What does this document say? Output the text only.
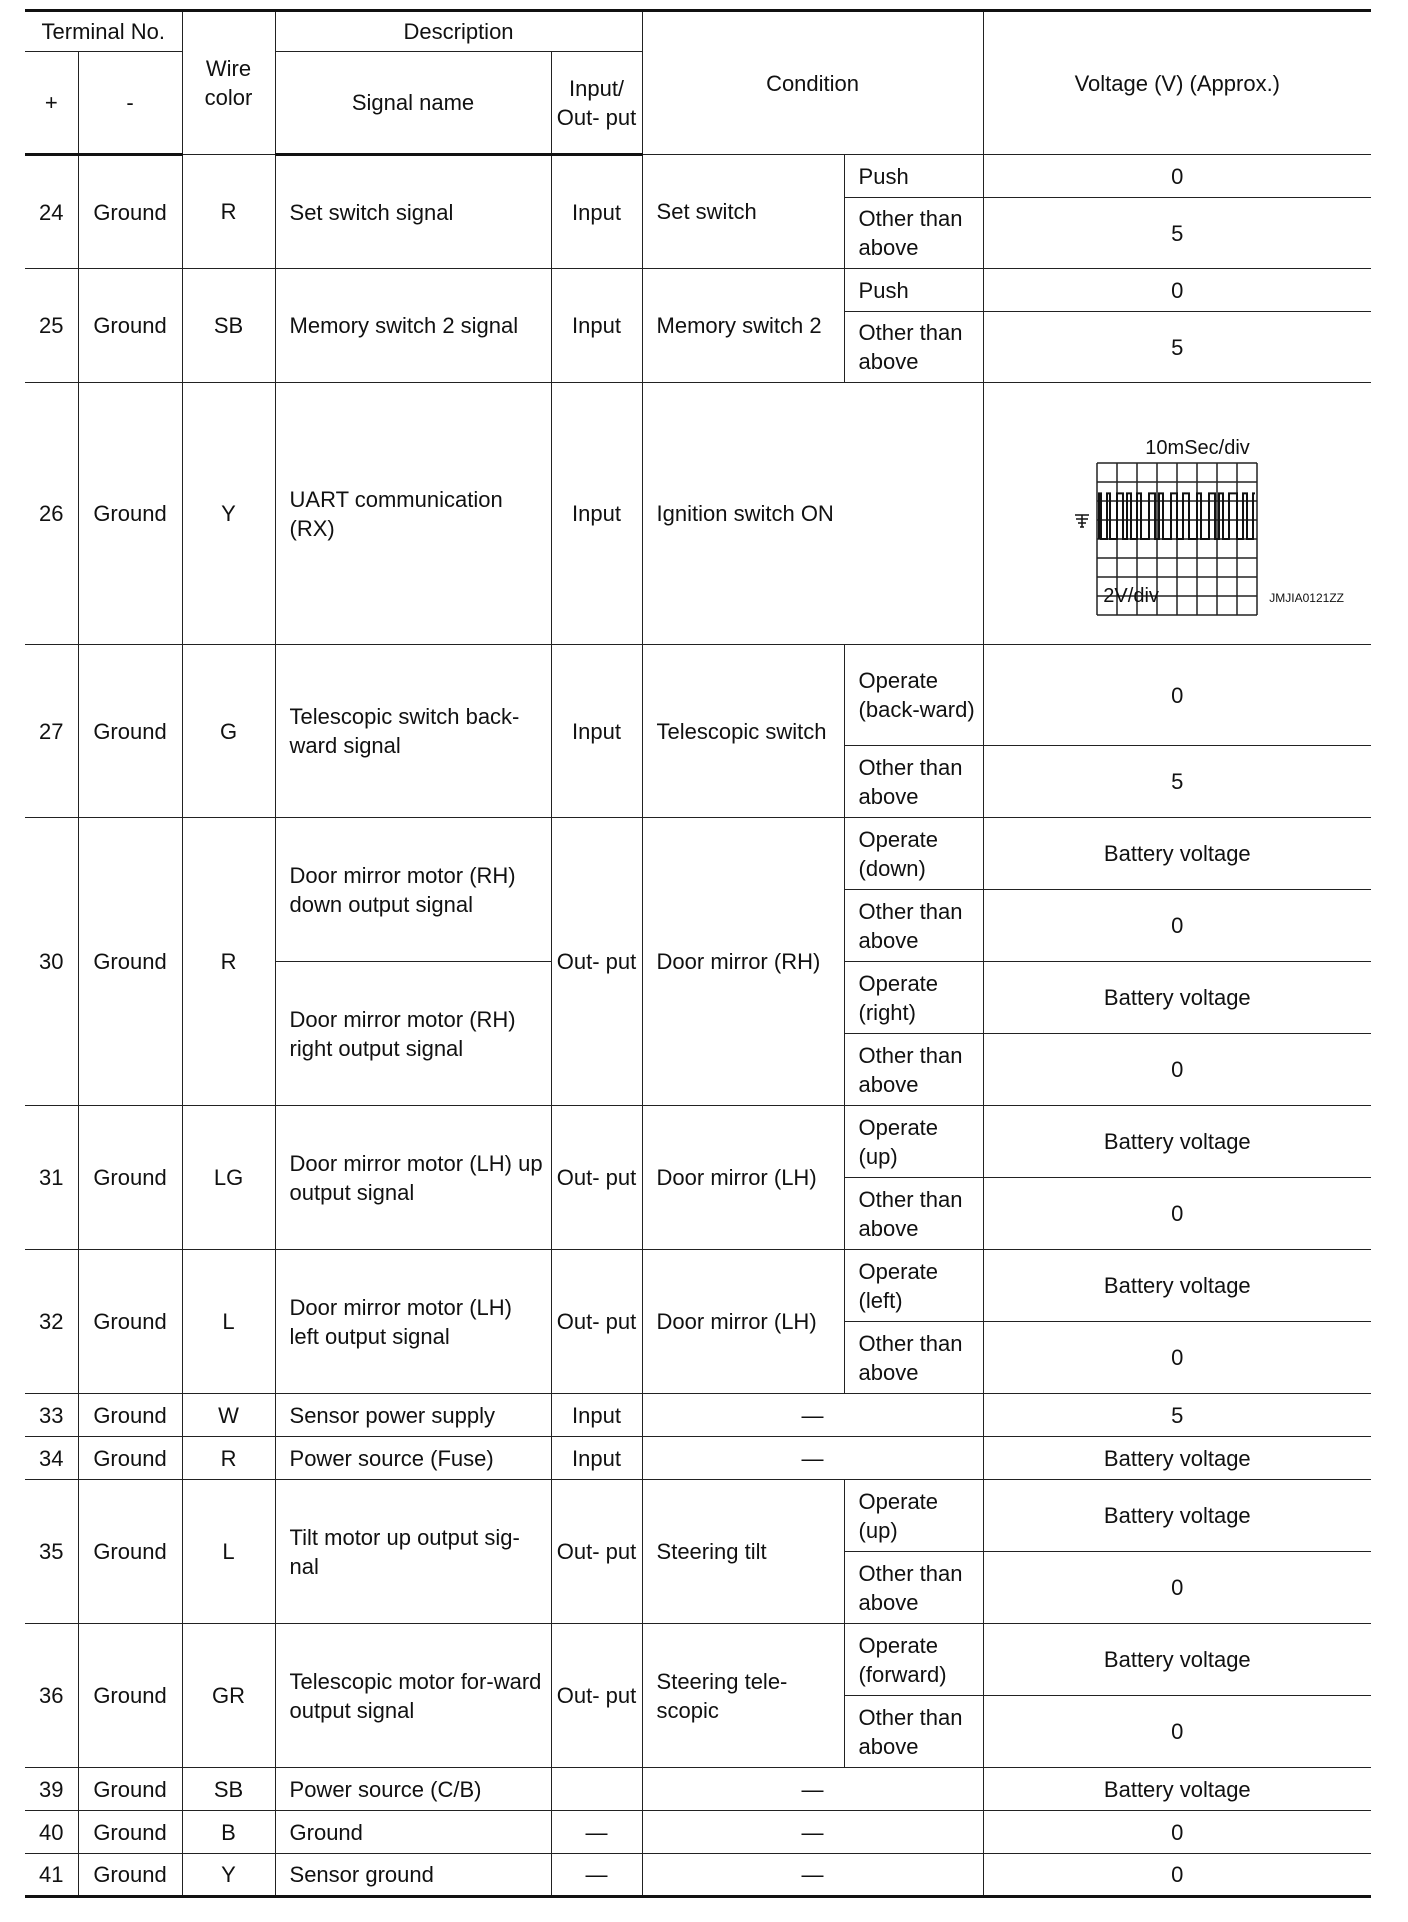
Terminal No.		Wire color	Description		Condition		Voltage (V) (Approx.)
+	-		Signal name	Input/ Out- put			
24	Ground	R	Set switch signal	Input	Set switch	Push	0
						Other than above	5
25	Ground	SB	Memory switch 2 signal	Input	Memory switch 2	Push	0
						Other than above	5
26	Ground	Y	UART communication (RX)	Input	Ignition switch ON		10mSec/div
2V/div JMJIA0121ZZ

27	Ground	G	Telescopic switch back-ward signal	Input	Telescopic switch	Operate (back-ward)	0
						Other than above	5
30	Ground	R	Door mirror motor (RH) down output signal	Out- put	Door mirror (RH)	Operate (down)	Battery voltage
						Other than above	0
			Door mirror motor (RH) right output signal			Operate (right)	Battery voltage
						Other than above	0
31	Ground	LG	Door mirror motor (LH) up output signal	Out- put	Door mirror (LH)	Operate (up)	Battery voltage
						Other than above	0
32	Ground	L	Door mirror motor (LH) left output signal	Out- put	Door mirror (LH)	Operate (left)	Battery voltage
						Other than above	0
33	Ground	W	Sensor power supply	Input	—		5
34	Ground	R	Power source (Fuse)	Input	—		Battery voltage
35	Ground	L	Tilt motor up output sig-nal	Out- put	Steering tilt	Operate (up)	Battery voltage
						Other than above	0
36	Ground	GR	Telescopic motor for-ward output signal	Out- put	Steering tele-scopic	Operate (forward)	Battery voltage
						Other than above	0
39	Ground	SB	Power source (C/B)		—		Battery voltage
40	Ground	B	Ground	—	—		0
41	Ground	Y	Sensor ground	—	—		0
